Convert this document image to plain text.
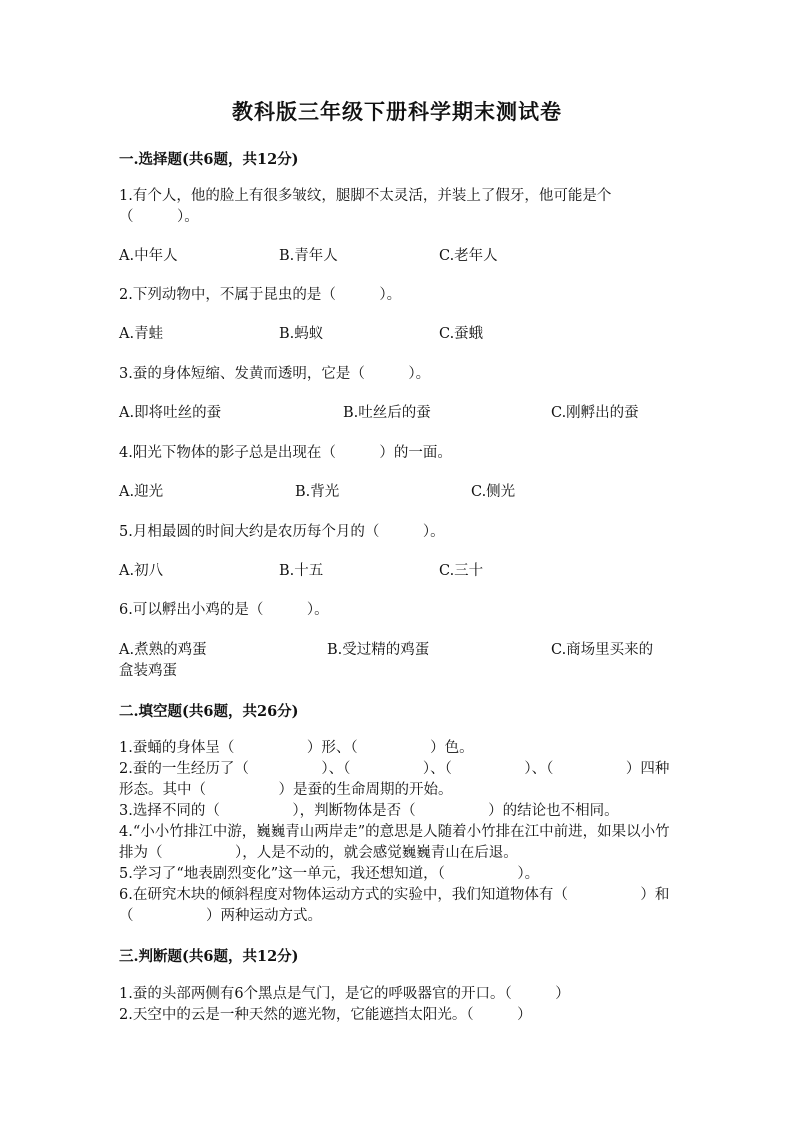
教科版三年级下册科学期末测试卷
一.选择题(共6题，共12分)
1.有个人，他的脸上有很多皱纹，腿脚不太灵活，并装上了假牙，他可能是个（　　　）。
A.中年人	B.青年人	C.老年人
2.下列动物中，不属于昆虫的是（　　　）。
A.青蛙	B.蚂蚁	C.蚕蛾
3.蚕的身体短缩、发黄而透明，它是（　　　）。
A.即将吐丝的蚕	B.吐丝后的蚕	C.刚孵出的蚕
4.阳光下物体的影子总是出现在（　　　）的一面。
A.迎光	B.背光	C.侧光
5.月相最圆的时间大约是农历每个月的（　　　）。
A.初八	B.十五	C.三十
6.可以孵出小鸡的是（　　　）。
A.煮熟的鸡蛋	B.受过精的鸡蛋	C.商场里买来的
盒装鸡蛋
二.填空题(共6题，共26分)
1.蚕蛹的身体呈（　　　　　）形、（　　　　　）色。
2.蚕的一生经历了（　　　　　）、（　　　　　）、（　　　　　）、（　　　　　）四种形态。其中（　　　　　）是蚕的生命周期的开始。
3.选择不同的（　　　　　），判断物体是否（　　　　　）的结论也不相同。
4.“小小竹排江中游，巍巍青山两岸走”的意思是人随着小竹排在江中前进，如果以小竹排为（　　　　　），人是不动的，就会感觉巍巍青山在后退。
5.学习了“地表剧烈变化”这一单元，我还想知道，（　　　　　）。
6.在研究木块的倾斜程度对物体运动方式的实验中，我们知道物体有（　　　　　）和（　　　　　）两种运动方式。
三.判断题(共6题，共12分)
1.蚕的头部两侧有6个黑点是气门，是它的呼吸器官的开口。（　　　）
2.天空中的云是一种天然的遮光物，它能遮挡太阳光。（　　　）
